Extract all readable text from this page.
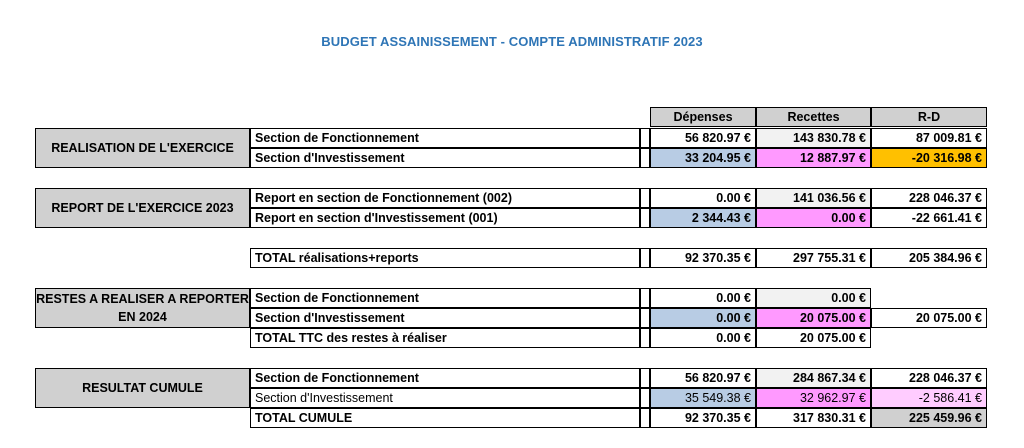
BUDGET ASSAINISSEMENT - COMPTE ADMINISTRATIF 2023
Dépenses	Recettes	R-D
REALISATION DE L'EXERCICE
Section de Fonctionnement	56 820.97 €	143 830.78 €	87 009.81 €
Section d'Investissement	33 204.95 €	12 887.97 €	-20 316.98 €
REPORT DE L'EXERCICE 2023
Report en section de Fonctionnement (002)	0.00 €	141 036.56 €	228 046.37 €
Report en section d'Investissement (001)	2 344.43 €	0.00 €	-22 661.41 €
TOTAL réalisations+reports	92 370.35 €	297 755.31 €	205 384.96 €
RESTES A REALISER A REPORTER EN 2024
Section de Fonctionnement	0.00 €	0.00 €
Section d'Investissement	0.00 €	20 075.00 €	20 075.00 €
TOTAL TTC des restes à réaliser	0.00 €	20 075.00 €
RESULTAT CUMULE
Section de Fonctionnement	56 820.97 €	284 867.34 €	228 046.37 €
Section d'Investissement	35 549.38 €	32 962.97 €	-2 586.41 €
TOTAL CUMULE	92 370.35 €	317 830.31 €	225 459.96 €
